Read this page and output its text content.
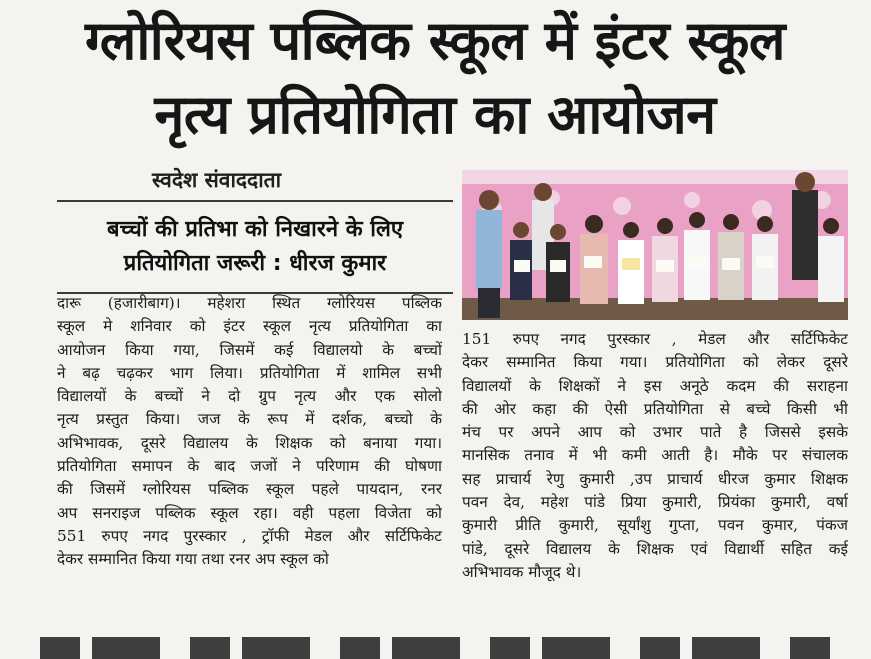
ग्लोरियस पब्लिक स्कूल में इंटर स्कूल
नृत्य प्रतियोगिता का आयोजन

स्वदेश संवाददाता

बच्चों की प्रतिभा को निखारने के लिए
प्रतियोगिता जरूरी : धीरज कुमार

दारू (हजारीबाग)। महेशरा स्थित ग्लोरियस पब्लिक
स्कूल मे शनिवार को इंटर स्कूल नृत्य प्रतियोगिता का
आयोजन किया गया, जिसमें कई विद्यालयो के बच्चों
ने बढ़ चढ़कर भाग लिया। प्रतियोगिता में शामिल सभी
विद्यालयों के बच्चों ने दो ग्रुप नृत्य और एक सोलो
नृत्य प्रस्तुत किया। जज के रूप में दर्शक, बच्चो के
अभिभावक, दूसरे विद्यालय के शिक्षक को बनाया गया।
प्रतियोगिता समापन के बाद जजों ने परिणाम की घोषणा
की जिसमें ग्लोरियस पब्लिक स्कूल पहले पायदान, रनर
अप सनराइज पब्लिक स्कूल रहा। वही पहला विजेता को
551 रुपए नगद पुरस्कार , ट्रॉफी मेडल और सर्टिफिकेट
देकर सम्मानित किया गया तथा रनर अप स्कूल को

151 रुपए नगद पुरस्कार , मेडल और सर्टिफिकेट
देकर सम्मानित किया गया। प्रतियोगिता को लेकर दूसरे
विद्यालयों के शिक्षकों ने इस अनूठे कदम की सराहना
की ओर कहा की ऐसी प्रतियोगिता से बच्चे किसी भी
मंच पर अपने आप को उभार पाते है जिससे इसके
मानसिक तनाव में भी कमी आती है। मौके पर संचालक
सह प्राचार्य रेणु कुमारी ,उप प्राचार्य धीरज कुमार शिक्षक
पवन देव, महेश पांडे प्रिया कुमारी, प्रियंका कुमारी, वर्षा
कुमारी प्रीति कुमारी, सूर्यांशु गुप्ता, पवन कुमार, पंकज
पांडे, दूसरे विद्यालय के शिक्षक एवं विद्यार्थी सहित कई
अभिभावक मौजूद थे।
